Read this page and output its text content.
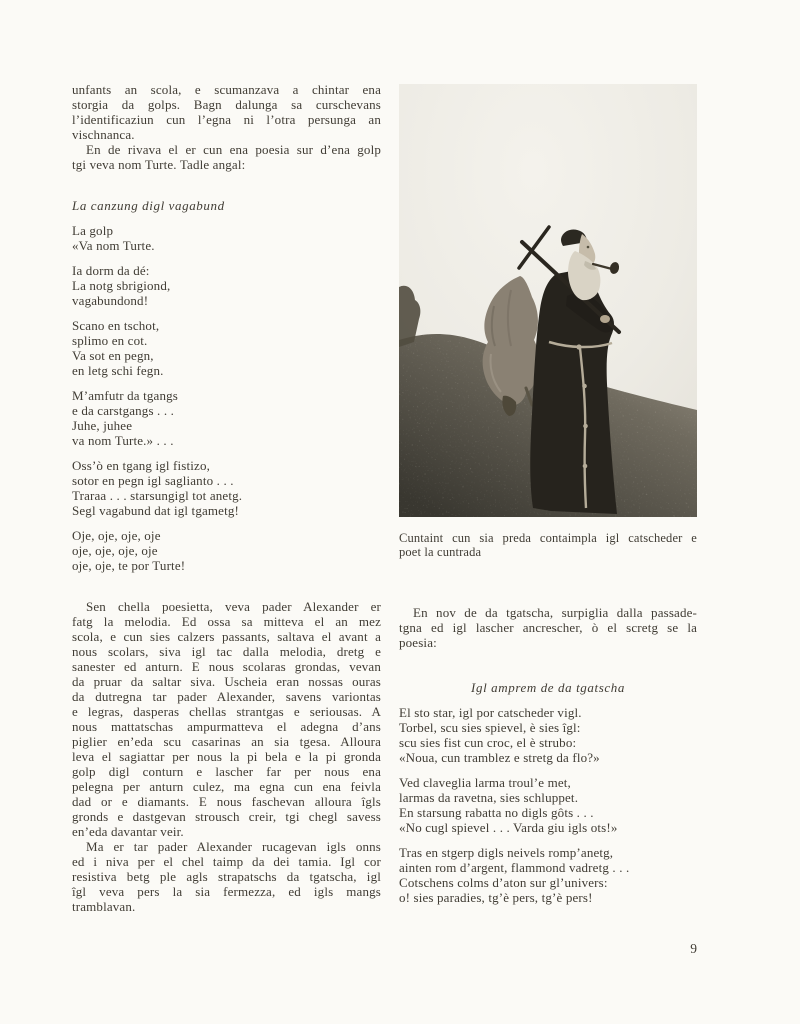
unfants an scola, e scumanzava a chintar ena
storgia da golps. Bagn dalunga sa curschevans
l’identificaziun cun l’egna ni l’otra persunga an
vischnanca.
En de rivava el er cun ena poesia sur d’ena golp
tgi veva nom Turte. Tadle angal:
La canzung digl vagabund
La golp
«Va nom Turte.
Ia dorm da dé:
La notg sbrigiond,
vagabundond!
Scano en tschot,
splimo en cot.
Va sot en pegn,
en letg schi fegn.
M’amfutr da tgangs
e da carstgangs . . .
Juhe, juhee
va nom Turte.» . . .
Oss’ò en tgang igl fistizo,
sotor en pegn igl saglianto . . .
Traraa . . . starsungigl tot anetg.
Segl vagabund dat igl tgametg!
Oje, oje, oje, oje
oje, oje, oje, oje
oje, oje, te por Turte!
Sen chella poesietta, veva pader Alexander er
fatg la melodia. Ed ossa sa mitteva el an mez
scola, e cun sies calzers passants, saltava el avant a
nous scolars, siva igl tac dalla melodia, dretg e
sanester ed anturn. E nous scolaras grondas, vevan
da pruar da saltar siva. Uscheia eran nossas ouras
da dutregna tar pader Alexander, savens variontas
e legras, dasperas chellas strantgas e seriousas. A
nous mattatschas ampurmatteva el adegna d’ans
piglier en’eda scu casarinas an sia tgesa. Alloura
leva el sagiattar per nous la pi bela e la pi gronda
golp digl conturn e lascher far per nous ena
pelegna per anturn culez, ma egna cun ena feivla
dad or e diamants. E nous faschevan alloura îgls
gronds e dastgevan strousch creir, tgi chegl savess
en’eda davantar veir.
Ma er tar pader Alexander rucagevan igls onns
ed i niva per el chel taimp da dei tamia. Igl cor
resistiva betg ple agls strapatschs da tgatscha, igl
îgl veva pers la sia fermezza, ed igls mangs
tramblavan.
Cuntaint cun sia preda contaimpla igl catscheder e
poet la cuntrada
En nov de da tgatscha, surpiglia dalla passade-
tgna ed igl lascher ancrescher, ò el scretg se la
poesia:
Igl amprem de da tgatscha
El sto star, igl por catscheder vigl.
Torbel, scu sies spievel, è sies îgl:
scu sies fist cun croc, el è strubo:
«Noua, cun tramblez e stretg da flo?»
Ved claveglia larma troul’e met,
larmas da ravetna, sies schluppet.
En starsung rabatta no digls gôts . . .
«No cugl spievel . . . Varda giu igls ots!»
Tras en stgerp digls neivels romp’anetg,
ainten rom d’argent, flammond vadretg . . .
Cotschens colms d’aton sur gl’univers:
o! sies paradies, tg’è pers, tg’è pers!
9
